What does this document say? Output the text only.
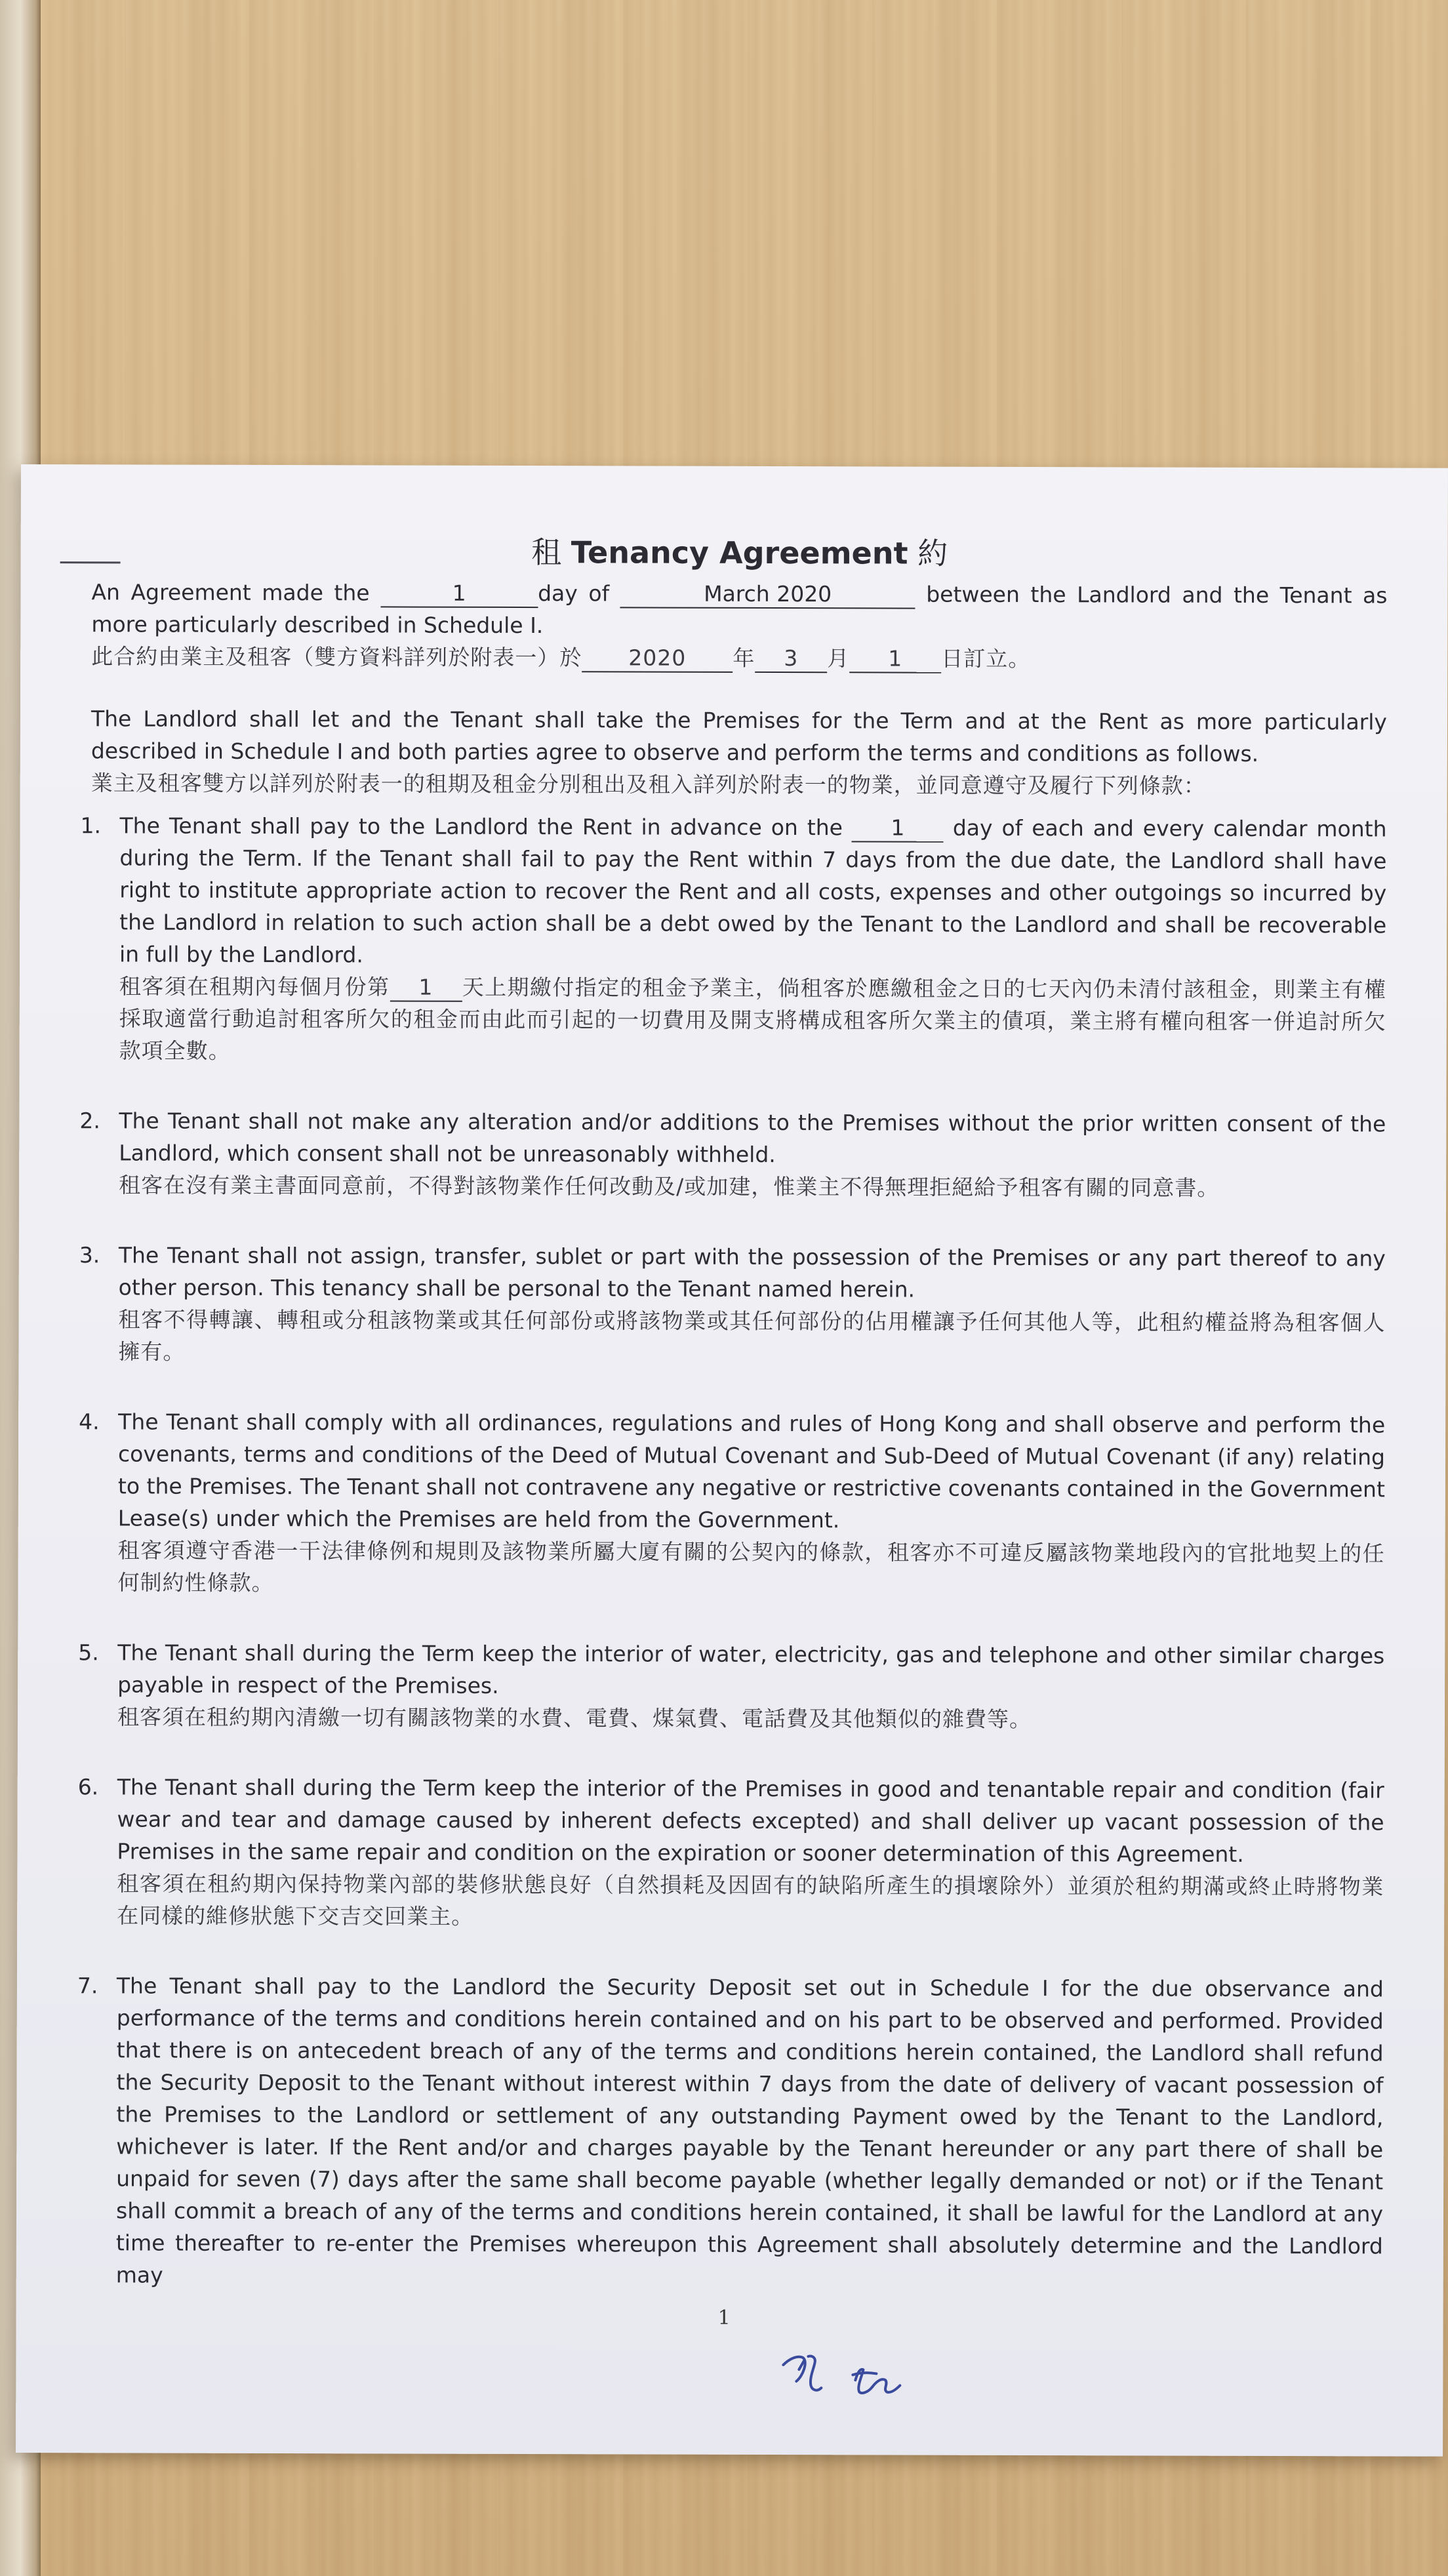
租 Tenancy Agreement 約

An Agreement made the	1	day of	March 2020	between the Landlord and the Tenant as more particularly described in Schedule I.

此合約由業主及租客（雙方資料詳列於附表一）於 2020 年 3 月 1 日訂立。

The Landlord shall let and the Tenant shall take the Premises for the Term and at the Rent as more particularly described in Schedule I and both parties agree to observe and perform the terms and conditions as follows.

業主及租客雙方以詳列於附表一的租期及租金分別租出及租入詳列於附表一的物業，並同意遵守及履行下列條款：

1. The Tenant shall pay to the Landlord the Rent in advance on the 1 day of each and every calendar month during the Term. If the Tenant shall fail to pay the Rent within 7 days from the due date, the Landlord shall have right to institute appropriate action to recover the Rent and all costs, expenses and other outgoings so incurred by the Landlord in relation to such action shall be a debt owed by the Tenant to the Landlord and shall be recoverable in full by the Landlord.

租客須在租期內每個月份第 1 天上期繳付指定的租金予業主，倘租客於應繳租金之日的七天內仍未清付該租金，則業主有權採取適當行動追討租客所欠的租金而由此而引起的一切費用及開支將構成租客所欠業主的債項，業主將有權向租客一併追討所欠款項全數。

2. The Tenant shall not make any alteration and/or additions to the Premises without the prior written consent of the Landlord, which consent shall not be unreasonably withheld.

租客在沒有業主書面同意前，不得對該物業作任何改動及/或加建，惟業主不得無理拒絕給予租客有關的同意書。

3. The Tenant shall not assign, transfer, sublet or part with the possession of the Premises or any part thereof to any other person. This tenancy shall be personal to the Tenant named herein.

租客不得轉讓、轉租或分租該物業或其任何部份或將該物業或其任何部份的佔用權讓予任何其他人等，此租約權益將為租客個人擁有。

4. The Tenant shall comply with all ordinances, regulations and rules of Hong Kong and shall observe and perform the covenants, terms and conditions of the Deed of Mutual Covenant and Sub-Deed of Mutual Covenant (if any) relating to the Premises. The Tenant shall not contravene any negative or restrictive covenants contained in the Government Lease(s) under which the Premises are held from the Government.

租客須遵守香港一干法律條例和規則及該物業所屬大廈有關的公契內的條款，租客亦不可違反屬該物業地段內的官批地契上的任何制約性條款。

5. The Tenant shall during the Term keep the interior of water, electricity, gas and telephone and other similar charges payable in respect of the Premises.

租客須在租約期內清繳一切有關該物業的水費、電費、煤氣費、電話費及其他類似的雜費等。

6. The Tenant shall during the Term keep the interior of the Premises in good and tenantable repair and condition (fair wear and tear and damage caused by inherent defects excepted) and shall deliver up vacant possession of the Premises in the same repair and condition on the expiration or sooner determination of this Agreement.

租客須在租約期內保持物業內部的裝修狀態良好（自然損耗及因固有的缺陷所產生的損壞除外）並須於租約期滿或終止時將物業在同樣的維修狀態下交吉交回業主。

7. The Tenant shall pay to the Landlord the Security Deposit set out in Schedule I for the due observance and performance of the terms and conditions herein contained and on his part to be observed and performed. Provided that there is on antecedent breach of any of the terms and conditions herein contained, the Landlord shall refund the Security Deposit to the Tenant without interest within 7 days from the date of delivery of vacant possession of the Premises to the Landlord or settlement of any outstanding Payment owed by the Tenant to the Landlord, whichever is later. If the Rent and/or and charges payable by the Tenant hereunder or any part there of shall be unpaid for seven (7) days after the same shall become payable (whether legally demanded or not) or if the Tenant shall commit a breach of any of the terms and conditions herein contained, it shall be lawful for the Landlord at any time thereafter to re-enter the Premises whereupon this Agreement shall absolutely determine and the Landlord may

1
